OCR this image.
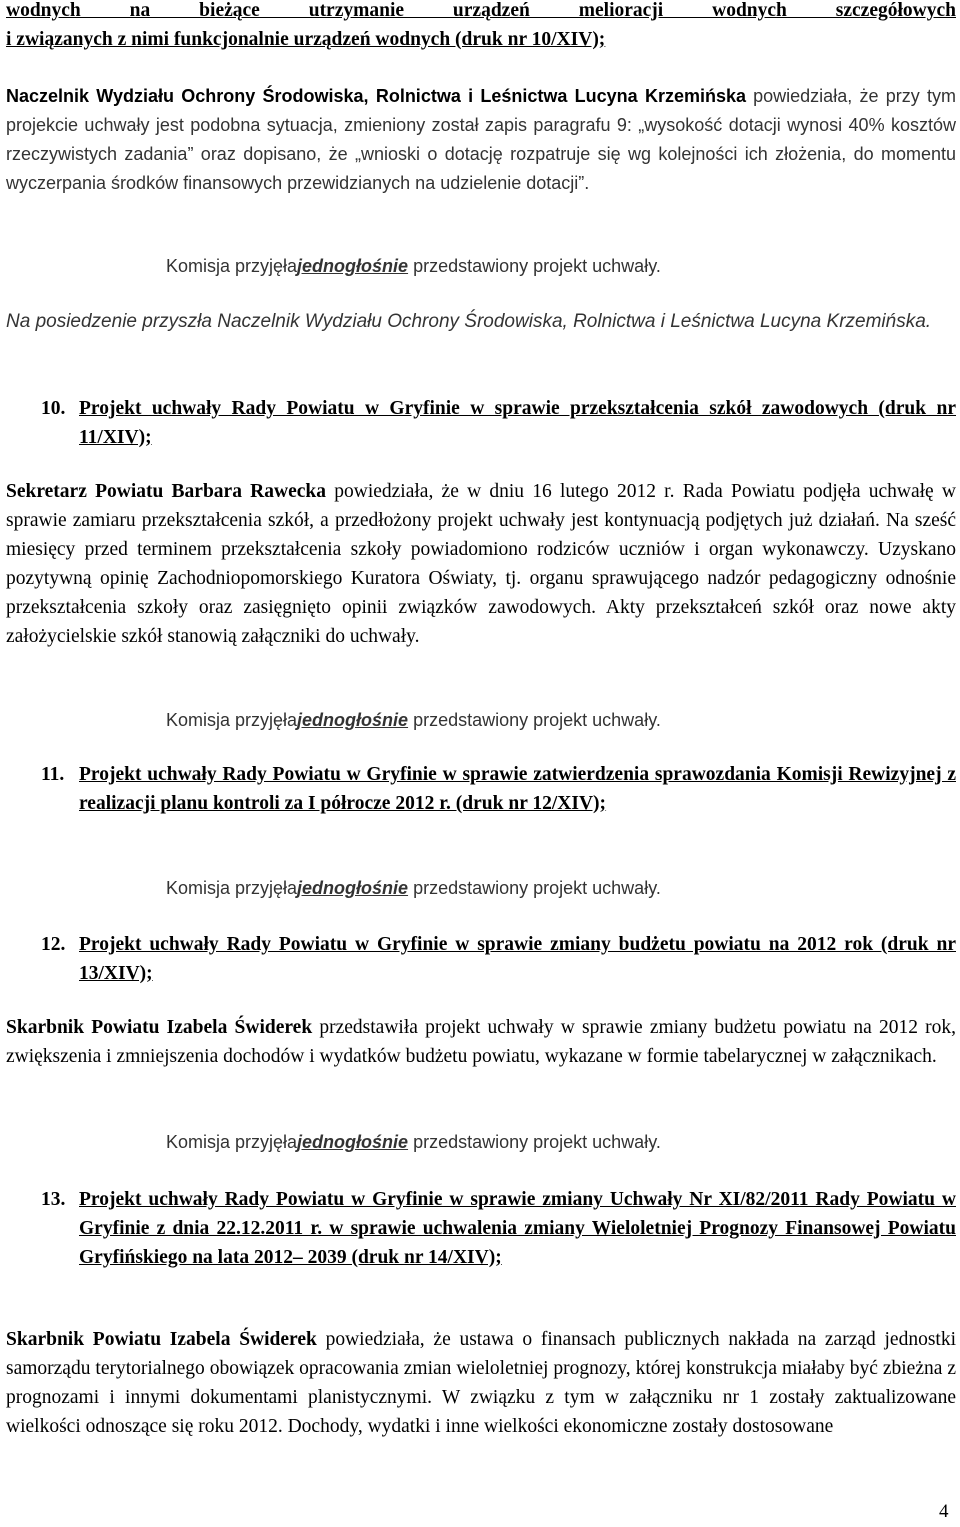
wodnych na bieżące utrzymanie urządzeń melioracji wodnych szczegółowych

i związanych z nimi funkcjonalnie urządzeń wodnych (druk nr 10/XIV);

Naczelnik Wydziału Ochrony Środowiska, Rolnictwa i Leśnictwa Lucyna Krzemińska powiedziała, że przy tym projekcie uchwały jest podobna sytuacja, zmieniony został zapis paragrafu 9: „wysokość dotacji wynosi 40% kosztów rzeczywistych zadania” oraz dopisano, że „wnioski o dotację rozpatruje się wg kolejności ich złożenia, do momentu wyczerpania środków finansowych przewidzianych na udzielenie dotacji”.

Komisja przyjęłajednogłośnie przedstawiony projekt uchwały.

Na posiedzenie przyszła Naczelnik Wydziału Ochrony Środowiska, Rolnictwa i Leśnictwa Lucyna Krzemińska.

10. Projekt uchwały Rady Powiatu w Gryfinie w sprawie przekształcenia szkół zawodowych (druk nr 11/XIV);

Sekretarz Powiatu Barbara Rawecka powiedziała, że w dniu 16 lutego 2012 r. Rada Powiatu podjęła uchwałę w sprawie zamiaru przekształcenia szkół, a przedłożony projekt uchwały jest kontynuacją podjętych już działań. Na sześć miesięcy przed terminem przekształcenia szkoły powiadomiono rodziców uczniów i organ wykonawczy. Uzyskano pozytywną opinię Zachodniopomorskiego Kuratora Oświaty, tj. organu sprawującego nadzór pedagogiczny odnośnie przekształcenia szkoły oraz zasięgnięto opinii związków zawodowych. Akty przekształceń szkół oraz nowe akty założycielskie szkół stanowią załączniki do uchwały.

Komisja przyjęłajednogłośnie przedstawiony projekt uchwały.
11. Projekt uchwały Rady Powiatu w Gryfinie w sprawie zatwierdzenia sprawozdania Komisji Rewizyjnej z realizacji planu kontroli za I półrocze 2012 r. (druk nr 12/XIV);

Komisja przyjęłajednogłośnie przedstawiony projekt uchwały.
12. Projekt uchwały Rady Powiatu w Gryfinie w sprawie zmiany budżetu powiatu na 2012 rok (druk nr 13/XIV);

Skarbnik Powiatu Izabela Świderek przedstawiła projekt uchwały w sprawie zmiany budżetu powiatu na 2012 rok, zwiększenia i zmniejszenia dochodów i wydatków budżetu powiatu, wykazane w formie tabelarycznej w załącznikach.

Komisja przyjęłajednogłośnie przedstawiony projekt uchwały.
13. Projekt uchwały Rady Powiatu w Gryfinie w sprawie zmiany Uchwały Nr XI/82/2011 Rady Powiatu w Gryfinie z dnia 22.12.2011 r. w sprawie uchwalenia zmiany Wieloletniej Prognozy Finansowej Powiatu Gryfińskiego na lata 2012– 2039 (druk nr 14/XIV);

Skarbnik Powiatu Izabela Świderek powiedziała, że ustawa o finansach publicznych nakłada na zarząd jednostki samorządu terytorialnego obowiązek opracowania zmian wieloletniej prognozy, której konstrukcja miałaby być zbieżna z prognozami i innymi dokumentami planistycznymi. W związku z tym w załączniku nr 1 zostały zaktualizowane wielkości odnoszące się roku 2012. Dochody, wydatki i inne wielkości ekonomiczne zostały dostosowane

4
